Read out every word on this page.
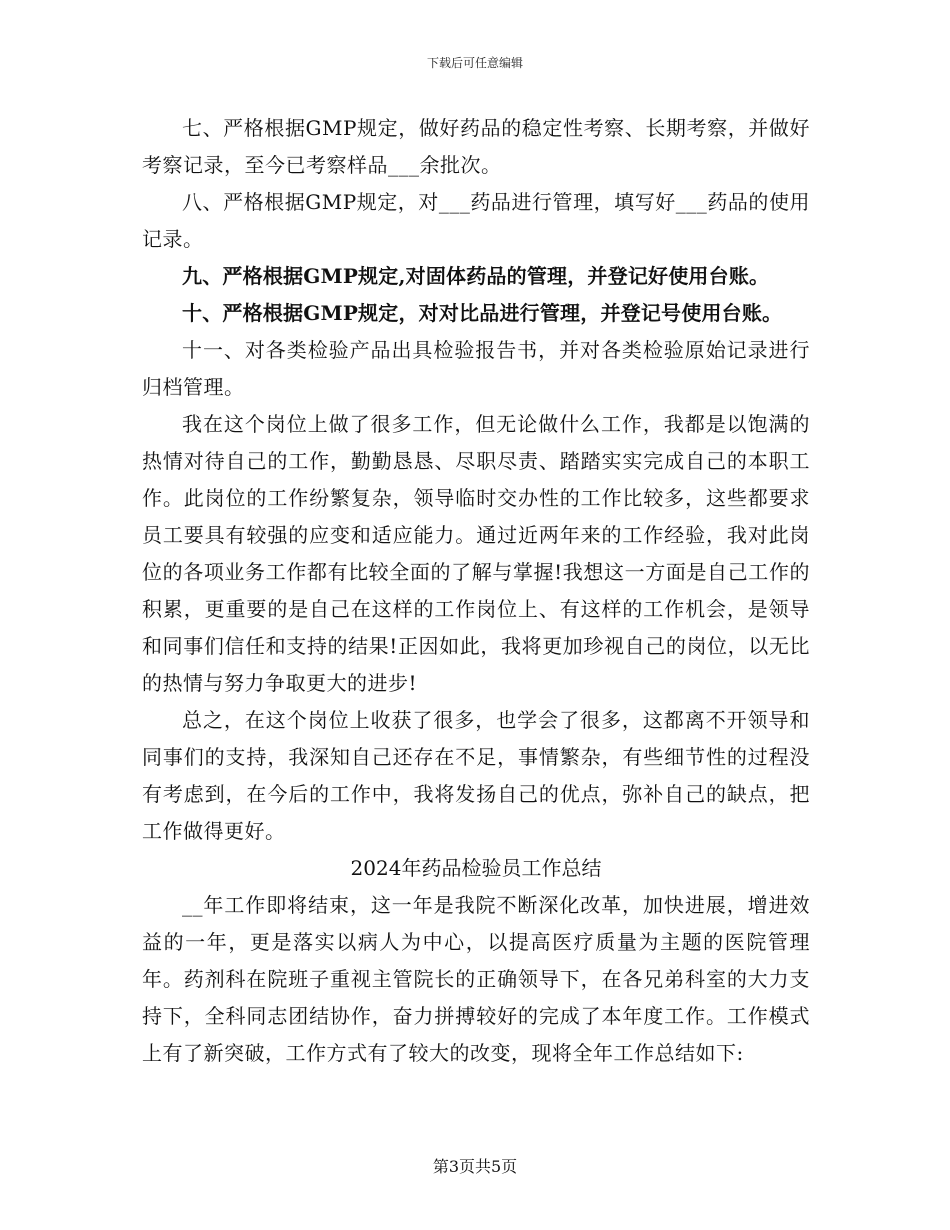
下载后可任意编辑

七、严格根据GMP规定，做好药品的稳定性考察、长期考察，并做好考察记录，至今已考察样品___余批次。

八、严格根据GMP规定，对___药品进行管理，填写好___药品的使用记录。

九、严格根据GMP规定,对固体药品的管理，并登记好使用台账。

十、严格根据GMP规定，对对比品进行管理，并登记号使用台账。

十一、对各类检验产品出具检验报告书，并对各类检验原始记录进行归档管理。

我在这个岗位上做了很多工作，但无论做什么工作，我都是以饱满的热情对待自己的工作，勤勤恳恳、尽职尽责、踏踏实实完成自己的本职工作。此岗位的工作纷繁复杂，领导临时交办性的工作比较多，这些都要求员工要具有较强的应变和适应能力。通过近两年来的工作经验，我对此岗位的各项业务工作都有比较全面的了解与掌握!我想这一方面是自己工作的积累，更重要的是自己在这样的工作岗位上、有这样的工作机会，是领导和同事们信任和支持的结果!正因如此，我将更加珍视自己的岗位，以无比的热情与努力争取更大的进步!

总之，在这个岗位上收获了很多，也学会了很多，这都离不开领导和同事们的支持，我深知自己还存在不足，事情繁杂，有些细节性的过程没有考虑到，在今后的工作中，我将发扬自己的优点，弥补自己的缺点，把工作做得更好。

2024年药品检验员工作总结

__年工作即将结束，这一年是我院不断深化改革，加快进展，增进效益的一年，更是落实以病人为中心，以提高医疗质量为主题的医院管理年。药剂科在院班子重视主管院长的正确领导下，在各兄弟科室的大力支持下，全科同志团结协作，奋力拼搏较好的完成了本年度工作。工作模式上有了新突破，工作方式有了较大的改变，现将全年工作总结如下:

第3页共5页
